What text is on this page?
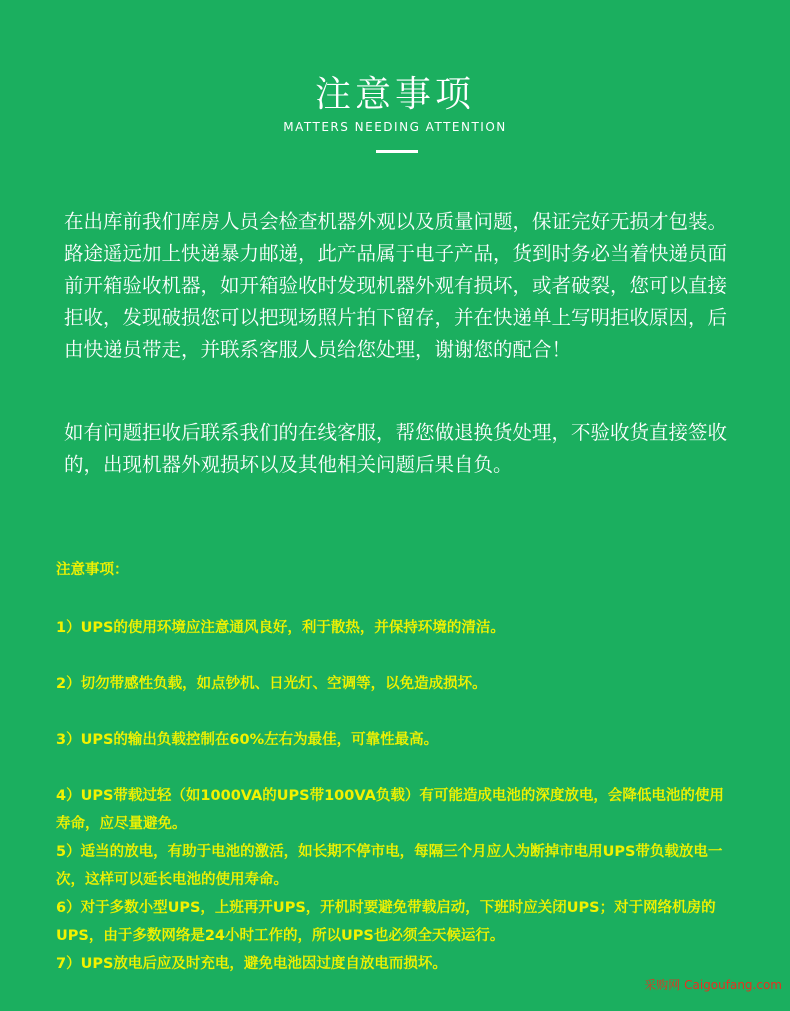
注意事项
MATTERS NEEDING ATTENTION

在出库前我们库房人员会检查机器外观以及质量问题，保证完好无损才包装。路途遥远加上快递暴力邮递，此产品属于电子产品，货到时务必当着快递员面前开箱验收机器，如开箱验收时发现机器外观有损坏，或者破裂，您可以直接拒收，发现破损您可以把现场照片拍下留存，并在快递单上写明拒收原因，后由快递员带走，并联系客服人员给您处理，谢谢您的配合！

如有问题拒收后联系我们的在线客服，帮您做退换货处理，不验收货直接签收的，出现机器外观损坏以及其他相关问题后果自负。

注意事项：
1）UPS的使用环境应注意通风良好，利于散热，并保持环境的清洁。
2）切勿带感性负载，如点钞机、日光灯、空调等，以免造成损坏。
3）UPS的输出负载控制在60%左右为最佳，可靠性最高。
4）UPS带载过轻（如1000VA的UPS带100VA负载）有可能造成电池的深度放电，会降低电池的使用寿命，应尽量避免。
5）适当的放电，有助于电池的激活，如长期不停市电，每隔三个月应人为断掉市电用UPS带负载放电一次，这样可以延长电池的使用寿命。
6）对于多数小型UPS，上班再开UPS，开机时要避免带载启动，下班时应关闭UPS；对于网络机房的UPS，由于多数网络是24小时工作的，所以UPS也必须全天候运行。
7）UPS放电后应及时充电，避免电池因过度自放电而损坏。
采购网 Caigoufang.com
